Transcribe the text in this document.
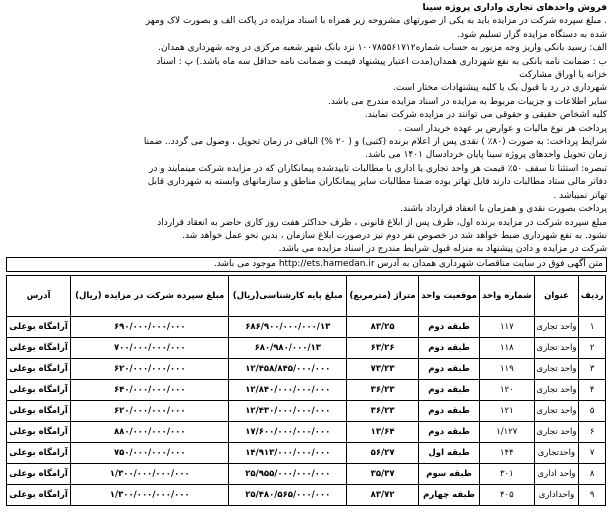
فروش واحدهای تجاری واداری پروژه سینا

. مبلغ سپرده شرکت در مزایده باید به یکی از صورتهای مشروحه زیر همراه با اسناد مزایده در پاکت الف و بصورت لاک ومهر

شده به دستگاه مزایده گزار تسلیم شود.

الف: رسید بانکی واریز وجه مزبور به حساب شماره۱۰۰۷۸۵۵۶۱۷۱۲ نزد بانک شهر شعبه مرکزی در وجه شهرداری همدان.

ب : ضمانت نامه بانکی به نفع شهرداری همدان(مدت اعتبار پیشنهاد قیمت و ضمانت نامه حداقل سه ماه باشد.) پ : اسناد

خزانه یا اوراق مشارکت

شهرداری در رد یا قبول یک یا کلیه پیشنهادات مختار است.

سایر اطلاعات و جزییات مربوط به مزایده در اسناد مزایده مندرج می باشد.

کلیه اشخاص حقیقی و حقوقی می توانند در مزایده شرکت نمایند.

پرداخت هر نوع مالیات و عوارض بر عهده خریدار است .

شرایط پرداخت: به صورت (۸۰٪ ) نقدی پس از اعلام برنده (کتبی) و ( ۲۰ %) الباقی در زمان تحویل ، وصول می گردد.. ضمنا

زمان تحویل واحدهای پروژه سینا پایان خردادسال ۱۴۰۱ می باشد.

تبصره: استثنا تا سقف ۵۰٪ قیمت هر واحد تجاری یا اداری با مطالبات تاییدشده پیمانکاران که در مزایده شرکت مینمایند و در

دفاتر مالی ستاد مطالبات دارند قابل تهاتر بوده ضمنا مطالبات سایر پیمانکاران مناطق و سازمانهای وابسته به شهرداری قابل

تهاتر نمیباشد .

پرداخت بصورت نقدی و همزمان با انعقاد قرارداد باشند.

مبلغ سپرده شرکت در مزایده برنده اول، ظرف پس از ابلاغ قانونی ، ظرف حداکثر هفت روز کاری حاضر به انعقاد قرارداد

نشود. به نفع شهرداری ضبط خواهد شد در خصوص نفر دوم نیز درصورت ابلاغ سازمان ، بدین نحو عمل خواهد شد.

شرکت در مزایده و دادن پیشنهاد به منزله قبول شرایط مندرج در اسناد مزایده می باشد.

متن آگهی فوق در سایت مناقصات شهرداری همدان به آدرس http://ets.hamedan.ir موجود می باشد.

ردیف	عنوان	شماره واحد	موقعیت واحد	متراژ (مترمربع)	مبلغ پایه کارشناسی(ریال)	مبلغ سپرده شرکت در مزایده (ریال)	آدرس
۱	واحد تجاری	۱۱۷	طبقه دوم	۸۳/۲۵	۶۸۶/۹۰۰/۰۰۰/۰۰۰/۱۳	۶۹۰/۰۰۰/۰۰۰/۰۰۰	آرامگاه بوعلی
۲	واحد تجاری	۱۱۸	طبقه دوم	۶۳/۲۶	۶۸۰/۹۸۰/۰۰۰/۱۳	۷۰۰/۰۰۰/۰۰۰/۰۰۰	آرامگاه بوعلی
۳	واحد تجاری	۱۱۹	طبقه دوم	۷۳/۲۳	۱۲/۴۵۸/۸۴۵/۰۰۰/۰۰۰	۶۲۰/۰۰۰/۰۰۰/۰۰۰	آرامگاه بوعلی
۴	واحد تجاری	۱۲۰	طبقه دوم	۳۶/۲۳	۱۲/۸۴۰/۰۰۰/۰۰۰/۰۰۰	۶۴۰/۰۰۰/۰۰۰/۰۰۰	آرامگاه بوعلی
۵	واحد تجاری	۱۲۱	طبقه دوم	۳۶/۲۳	۱۲/۴۳۰/۰۰۰/۰۰۰/۰۰۰	۶۲۰/۰۰۰/۰۰۰/۰۰۰	آرامگاه بوعلی
۶	واحد تجاری	۱/۱۲۷	طبقه دوم	۱۳/۶۴	۱۷/۶۰۰/۰۰۰/۰۰۰/۰۰۰	۸۸۰/۰۰۰/۰۰۰/۰۰۰	آرامگاه بوعلی
۷	واحدتجاری	۱۴۴	طبقه اول	۵۶/۲۷	۱۴/۹۱۳/۰۰۰/۰۰۰/۰۰۰	۷۵۰/۰۰۰/۰۰۰/۰۰۰	آرامگاه بوعلی
۸	واحد اداری	۳۰۱	طبقه سوم	۳۵/۳۷	۲۵/۹۵۵/۰۰۰/۰۰۰/۰۰۰	۱/۳۰۰/۰۰۰/۰۰۰/۰۰۰	آرامگاه بوعلی
۹	واحداداری	۴۰۵	طبقه چهارم	۸۳/۷۲	۲۵/۴۸۰/۵۶۵/۰۰۰/۰۰۰	۱/۳۰۰/۰۰۰/۰۰۰/۰۰۰	آرامگاه بوعلی
